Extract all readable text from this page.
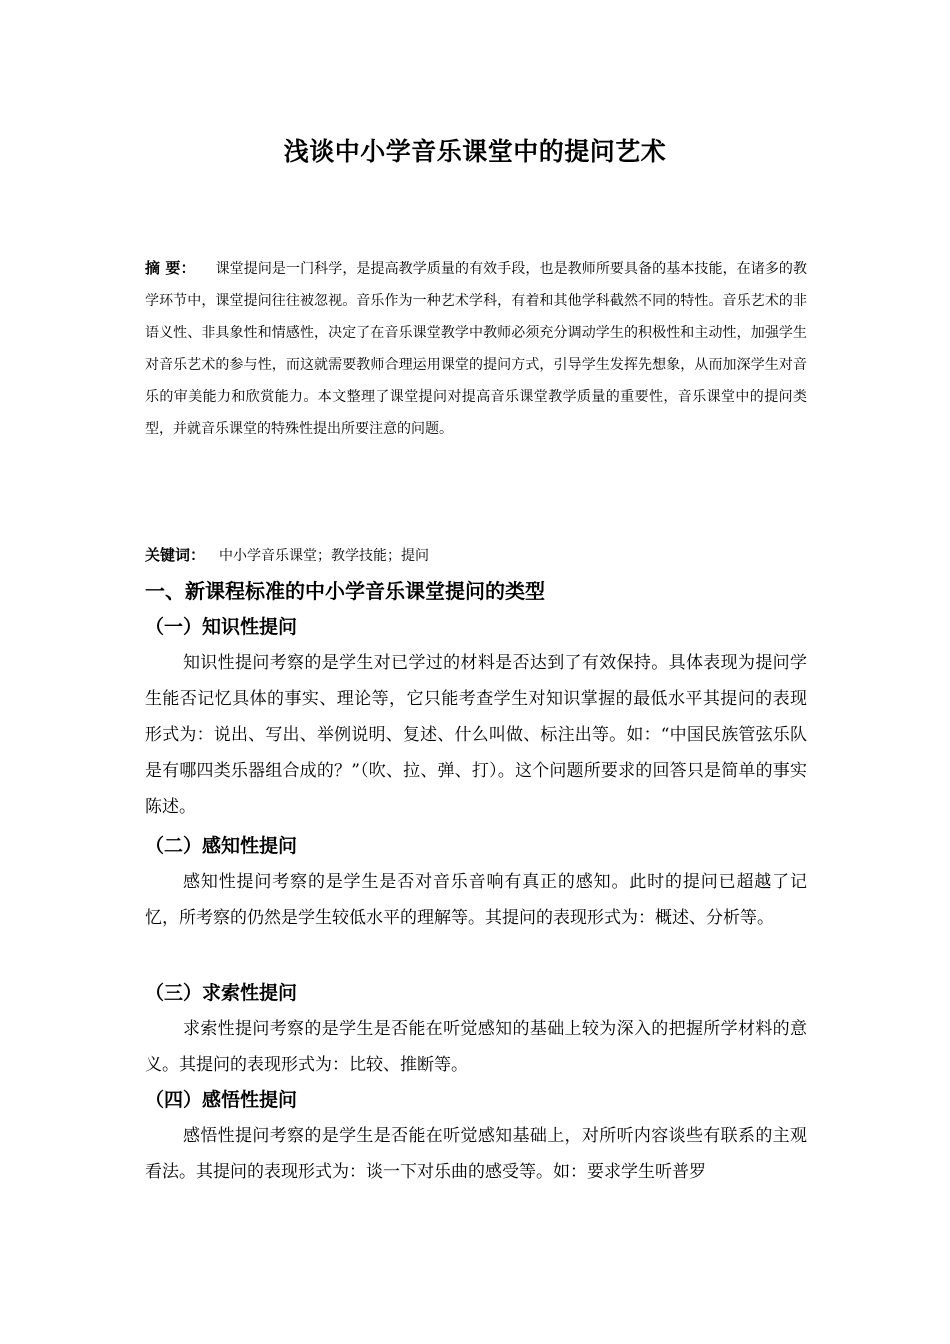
浅谈中小学音乐课堂中的提问艺术
摘 要： 课堂提问是一门科学，是提高教学质量的有效手段，也是教师所要具备的基本技能，在诸多的教学环节中，课堂提问往往被忽视。音乐作为一种艺术学科，有着和其他学科截然不同的特性。音乐艺术的非语义性、非具象性和情感性，决定了在音乐课堂教学中教师必须充分调动学生的积极性和主动性，加强学生对音乐艺术的参与性，而这就需要教师合理运用课堂的提问方式，引导学生发挥先想象，从而加深学生对音乐的审美能力和欣赏能力。本文整理了课堂提问对提高音乐课堂教学质量的重要性，音乐课堂中的提问类型，并就音乐课堂的特殊性提出所要注意的问题。
关键词： 中小学音乐课堂；教学技能；提问
一、新课程标准的中小学音乐课堂提问的类型
（一）知识性提问
知识性提问考察的是学生对已学过的材料是否达到了有效保持。具体表现为提问学生能否记忆具体的事实、理论等，它只能考查学生对知识掌握的最低水平其提问的表现形式为：说出、写出、举例说明、复述、什么叫做、标注出等。如：“中国民族管弦乐队是有哪四类乐器组合成的？”（吹、拉、弹、打）。这个问题所要求的回答只是简单的事实陈述。
（二）感知性提问
感知性提问考察的是学生是否对音乐音响有真正的感知。此时的提问已超越了记忆，所考察的仍然是学生较低水平的理解等。其提问的表现形式为：概述、分析等。
（三）求索性提问
求索性提问考察的是学生是否能在听觉感知的基础上较为深入的把握所学材料的意义。其提问的表现形式为：比较、推断等。
（四）感悟性提问
感悟性提问考察的是学生是否能在听觉感知基础上，对所听内容谈些有联系的主观看法。其提问的表现形式为：谈一下对乐曲的感受等。如：要求学生听普罗
